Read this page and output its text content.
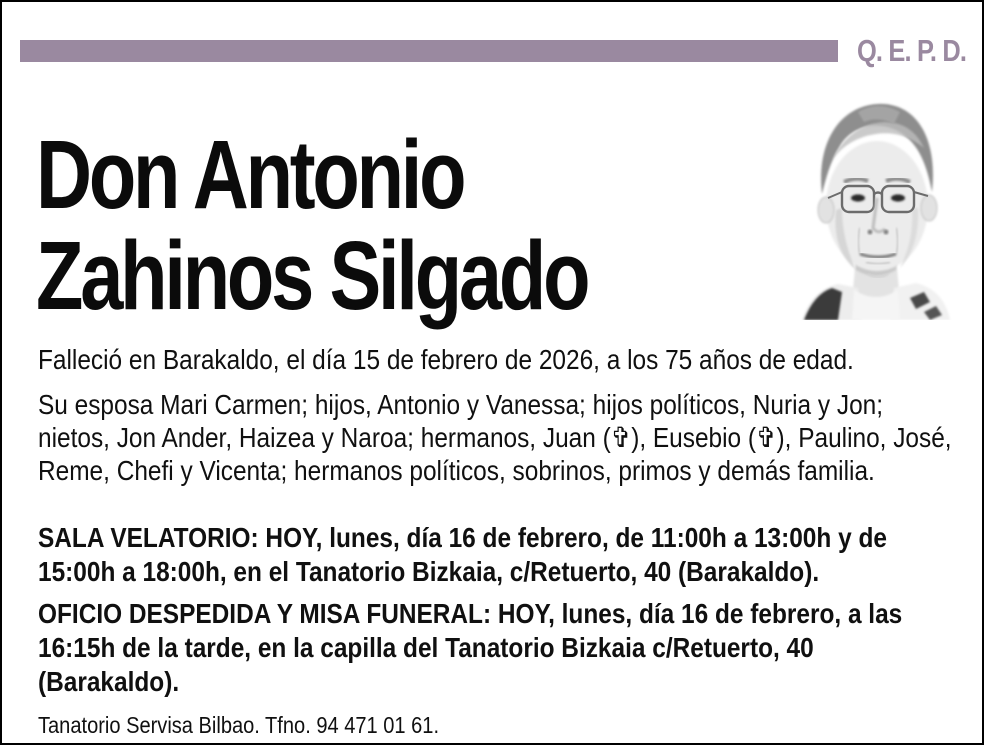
Q. E. P. D.
Don Antonio
Zahinos Silgado

Falleció en Barakaldo, el día 15 de febrero de 2026, a los 75 años de edad.

Su esposa Mari Carmen; hijos, Antonio y Vanessa; hijos políticos, Nuria y Jon; nietos, Jon Ander, Haizea y Naroa; hermanos, Juan (✞), Eusebio (✞), Paulino, José, Reme, Chefi y Vicenta; hermanos políticos, sobrinos, primos y demás familia.

SALA VELATORIO: HOY, lunes, día 16 de febrero, de 11:00h a 13:00h y de 15:00h a 18:00h, en el Tanatorio Bizkaia, c/Retuerto, 40 (Barakaldo).

OFICIO DESPEDIDA Y MISA FUNERAL: HOY, lunes, día 16 de febrero, a las 16:15h de la tarde, en la capilla del Tanatorio Bizkaia c/Retuerto, 40 (Barakaldo).

Tanatorio Servisa Bilbao. Tfno. 94 471 01 61.
